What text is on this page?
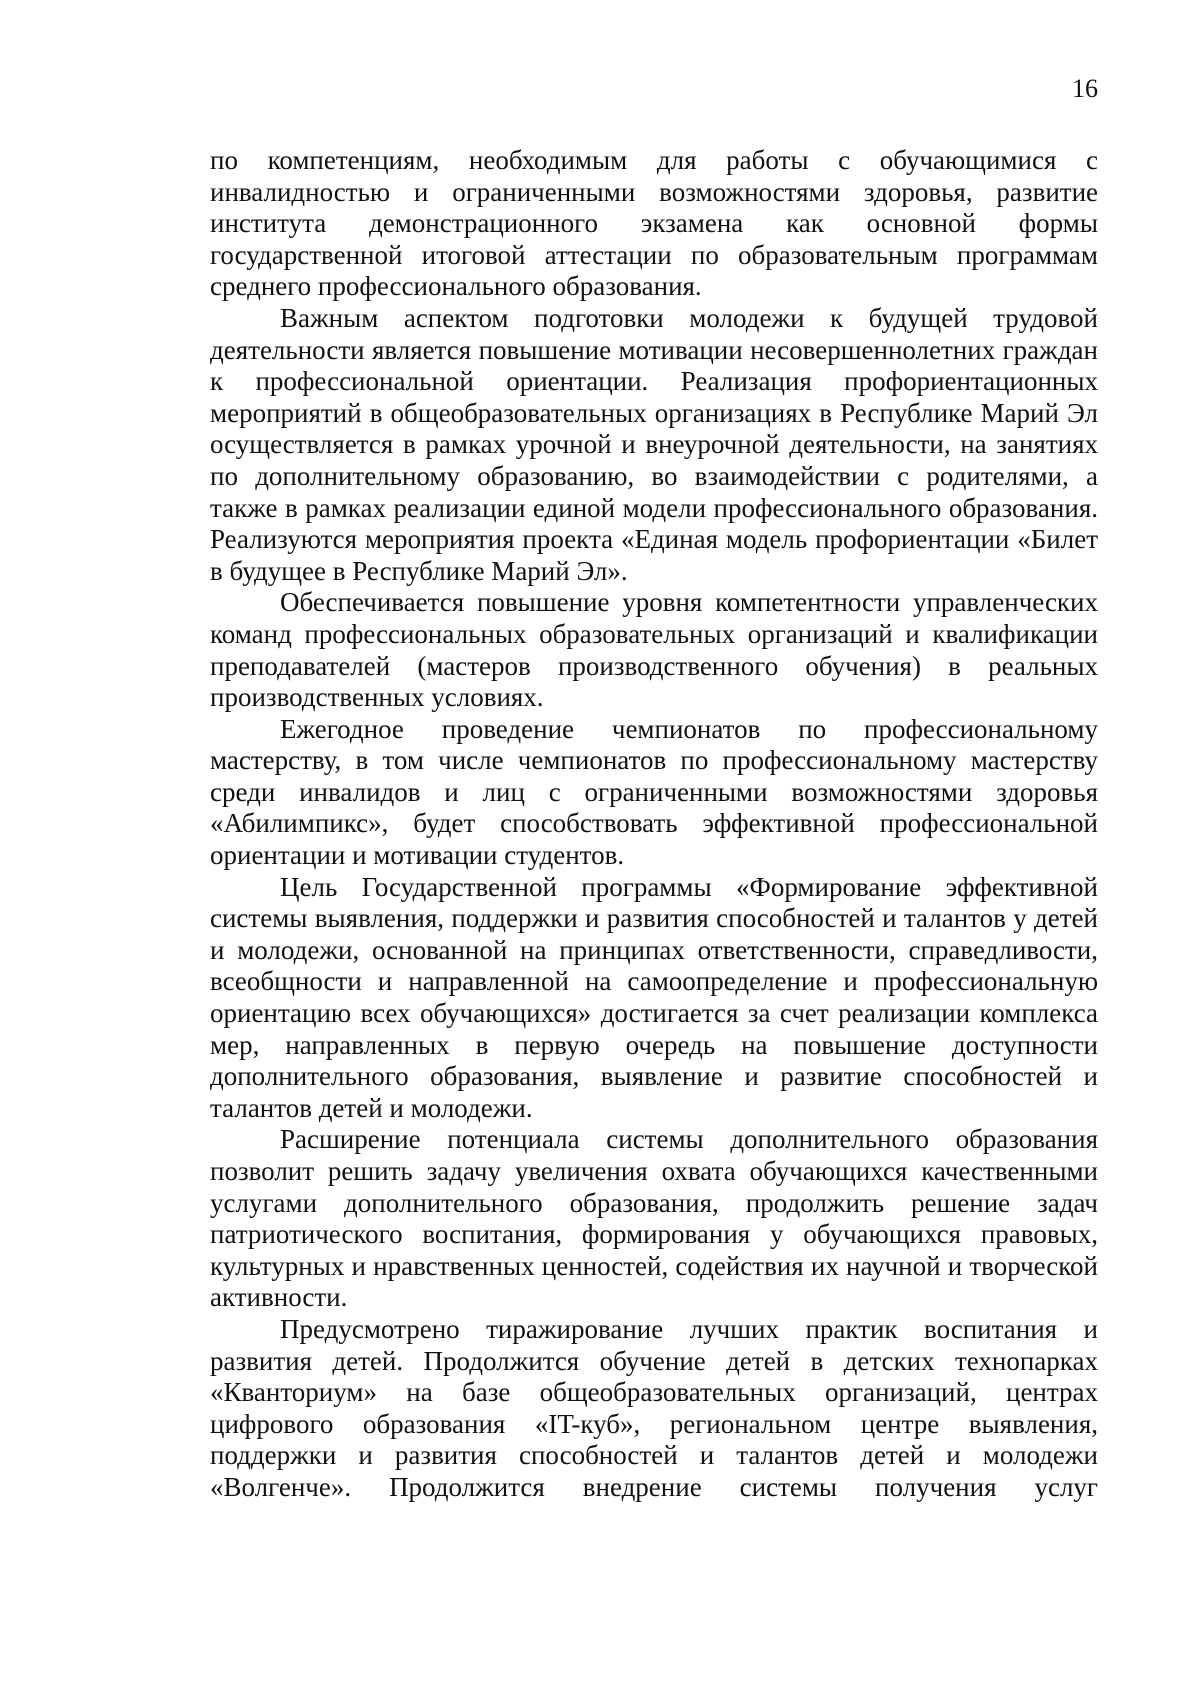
16

по компетенциям, необходимым для работы с обучающимися с инвалидностью и ограниченными возможностями здоровья, развитие института демонстрационного экзамена как основной формы государственной итоговой аттестации по образовательным программам среднего профессионального образования.

Важным аспектом подготовки молодежи к будущей трудовой деятельности является повышение мотивации несовершеннолетних граждан к профессиональной ориентации. Реализация профориентационных мероприятий в общеобразовательных организациях в Республике Марий Эл осуществляется в рамках урочной и внеурочной деятельности, на занятиях по дополнительному образованию, во взаимодействии с родителями, а также в рамках реализации единой модели профессионального образования. Реализуются мероприятия проекта «Единая модель профориентации «Билет в будущее в Республике Марий Эл».

Обеспечивается повышение уровня компетентности управленческих команд профессиональных образовательных организаций и квалификации преподавателей (мастеров производственного обучения) в реальных производственных условиях.

Ежегодное проведение чемпионатов по профессиональному мастерству, в том числе чемпионатов по профессиональному мастерству среди инвалидов и лиц с ограниченными возможностями здоровья «Абилимпикс», будет способствовать эффективной профессиональной ориентации и мотивации студентов.

Цель Государственной программы «Формирование эффективной системы выявления, поддержки и развития способностей и талантов у детей и молодежи, основанной на принципах ответственности, справедливости, всеобщности и направленной на самоопределение и профессиональную ориентацию всех обучающихся» достигается за счет реализации комплекса мер, направленных в первую очередь на повышение доступности дополнительного образования, выявление и развитие способностей и талантов детей и молодежи.

Расширение потенциала системы дополнительного образования позволит решить задачу увеличения охвата обучающихся качественными услугами дополнительного образования, продолжить решение задач патриотического воспитания, формирования у обучающихся правовых, культурных и нравственных ценностей, содействия их научной и творческой активности.

Предусмотрено тиражирование лучших практик воспитания и развития детей. Продолжится обучение детей в детских технопарках «Кванториум» на базе общеобразовательных организаций, центрах цифрового образования «IT-куб», региональном центре выявления, поддержки и развития способностей и талантов детей и молодежи «Волгенче». Продолжится внедрение системы получения услуг
